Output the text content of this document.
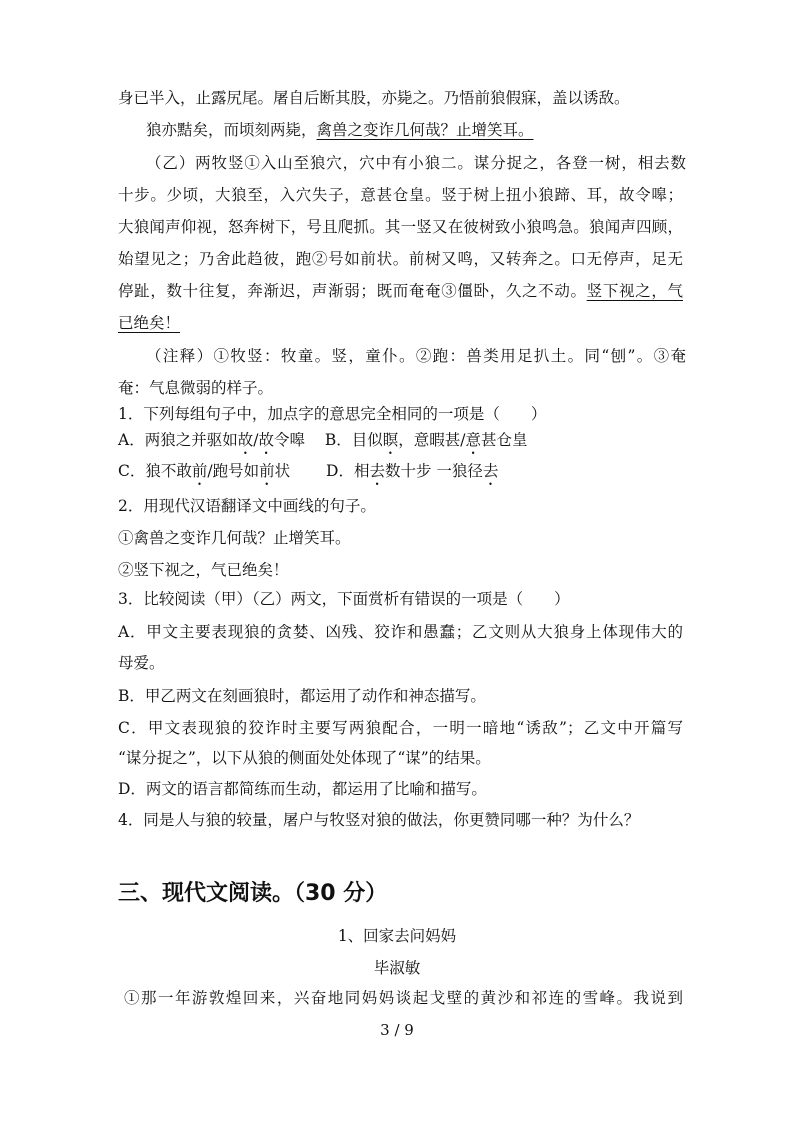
身已半入，止露尻尾。屠自后断其股，亦毙之。乃悟前狼假寐，盖以诱敌。
狼亦黠矣，而顷刻两毙，禽兽之变诈几何哉？止增笑耳。
（乙）两牧竖①入山至狼穴，穴中有小狼二。谋分捉之，各登一树，相去数
十步。少顷，大狼至，入穴失子，意甚仓皇。竖于树上扭小狼蹄、耳，故令嗥；
大狼闻声仰视，怒奔树下，号且爬抓。其一竖又在彼树致小狼鸣急。狼闻声四顾，
始望见之；乃舍此趋彼，跑②号如前状。前树又鸣，又转奔之。口无停声，足无
停趾，数十往复，奔渐迟，声渐弱；既而奄奄③僵卧，久之不动。竖下视之，气
已绝矣！
（注释）①牧竖：牧童。竖，童仆。②跑：兽类用足扒土。同“刨”。③奄
奄：气息微弱的样子。
1．下列每组句子中，加点字的意思完全相同的一项是（　　）
A．两狼之并驱如故/故令嗥 B．目似瞑，意暇甚/意甚仓皇
C．狼不敢前/跑号如前状 D．相去数十步 一狼径去
2．用现代汉语翻译文中画线的句子。
①禽兽之变诈几何哉？止增笑耳。
②竖下视之，气已绝矣！
3．比较阅读（甲）（乙）两文，下面赏析有错误的一项是（　　）
A．甲文主要表现狼的贪婪、凶残、狡诈和愚蠢；乙文则从大狼身上体现伟大的
母爱。
B．甲乙两文在刻画狼时，都运用了动作和神态描写。
C．甲文表现狼的狡诈时主要写两狼配合，一明一暗地“诱敌”；乙文中开篇写
“谋分捉之”，以下从狼的侧面处处体现了“谋”的结果。
D．两文的语言都简练而生动，都运用了比喻和描写。
4．同是人与狼的较量，屠户与牧竖对狼的做法，你更赞同哪一种？为什么？
三、现代文阅读。（30 分）
1、回家去问妈妈
毕淑敏
①那一年游敦煌回来，兴奋地同妈妈谈起戈壁的黄沙和祁连的雪峰。我说到
3 / 9
